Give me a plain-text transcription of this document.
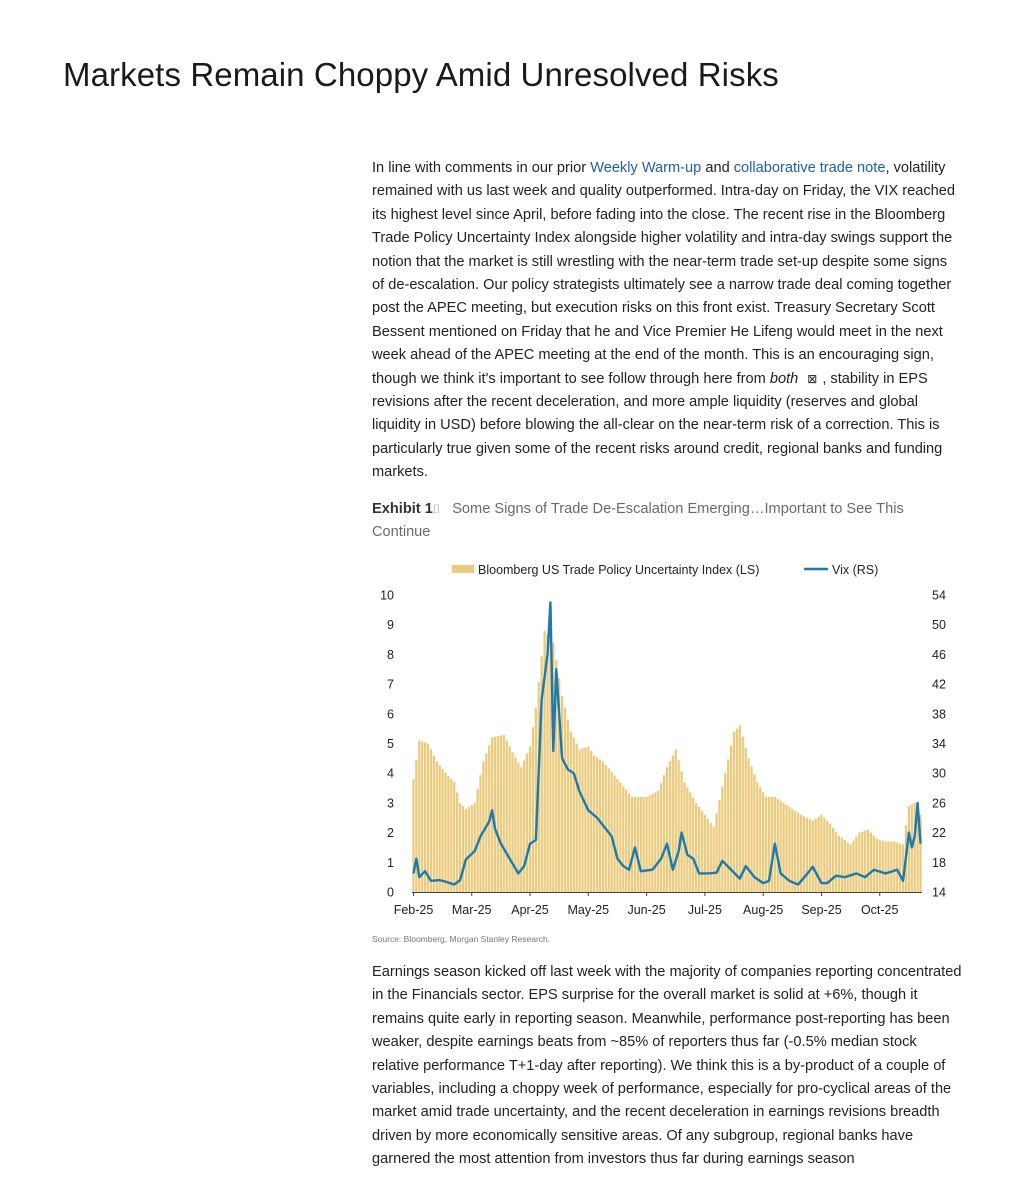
Markets Remain Choppy Amid Unresolved Risks

In line with comments in our prior Weekly Warm-up and collaborative trade note, volatility remained with us last week and quality outperformed. Intra-day on Friday, the VIX reached its highest level since April, before fading into the close. The recent rise in the Bloomberg Trade Policy Uncertainty Index alongside higher volatility and intra-day swings support the notion that the market is still wrestling with the near-term trade set-up despite some signs of de-escalation. Our policy strategists ultimately see a narrow trade deal coming together post the APEC meeting, but execution risks on this front exist. Treasury Secretary Scott Bessent mentioned on Friday that he and Vice Premier He Lifeng would meet in the next week ahead of the APEC meeting at the end of the month. This is an encouraging sign, though we think it's important to see follow through here from both ⊠ , stability in EPS revisions after the recent deceleration, and more ample liquidity (reserves and global liquidity in USD) before blowing the all-clear on the near-term risk of a correction. This is particularly true given some of the recent risks around credit, regional banks and funding markets.

Exhibit 1⌷ Some Signs of Trade De-Escalation Emerging…Important to See This Continue
Bloomberg US Trade Policy Uncertainty Index (LS)	Vix (RS)
0
1
2
3
4
5
6
7
8
9
10
14
18
22
26
30
34
38
42
46
50
54
Feb-25 Mar-25 Apr-25 May-25 Jun-25 Jul-25 Aug-25 Sep-25 Oct-25
Source: Bloomberg, Morgan Stanley Research.

Earnings season kicked off last week with the majority of companies reporting concentrated in the Financials sector. EPS surprise for the overall market is solid at +6%, though it remains quite early in reporting season. Meanwhile, performance post-reporting has been weaker, despite earnings beats from ~85% of reporters thus far (-0.5% median stock relative performance T+1-day after reporting). We think this is a by-product of a couple of variables, including a choppy week of performance, especially for pro-cyclical areas of the market amid trade uncertainty, and the recent deceleration in earnings revisions breadth driven by more economically sensitive areas. Of any subgroup, regional banks have garnered the most attention from investors thus far during earnings season
